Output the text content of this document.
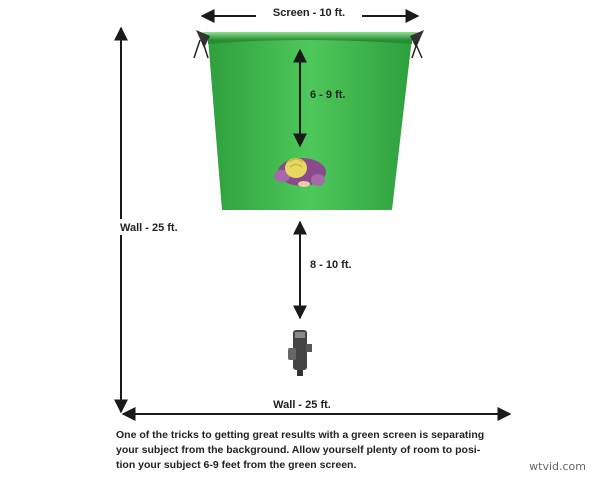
Screen - 10 ft.
6 - 9 ft.
8 - 10 ft.
Wall - 25 ft.
Wall - 25 ft.

One of the tricks to getting great results with a green screen is separating
your subject from the background. Allow yourself plenty of room to posi-
tion your subject 6-9 feet from the green screen.	wtvid.com
